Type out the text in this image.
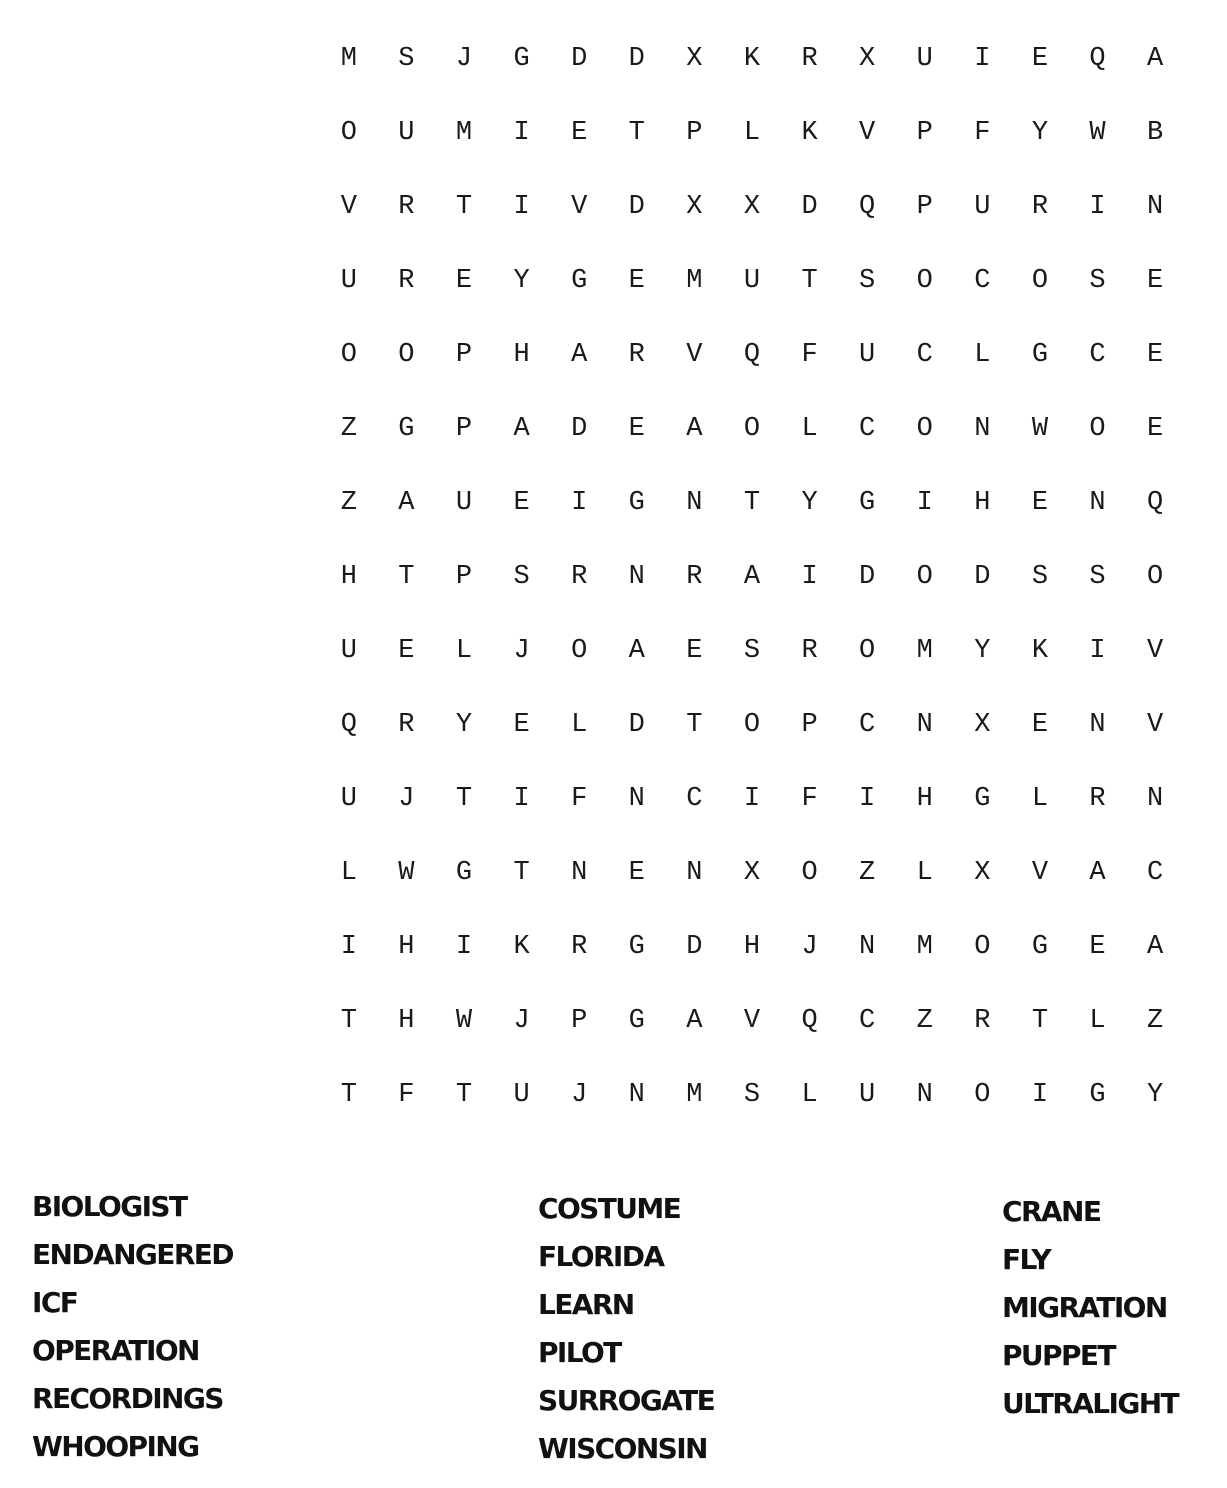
M	S	J	G	D	D	X	K	R	X	U	I	E	Q	A
O	U	M	I	E	T	P	L	K	V	P	F	Y	W	B
V	R	T	I	V	D	X	X	D	Q	P	U	R	I	N
U	R	E	Y	G	E	M	U	T	S	O	C	O	S	E
O	O	P	H	A	R	V	Q	F	U	C	L	G	C	E
Z	G	P	A	D	E	A	O	L	C	O	N	W	O	E
Z	A	U	E	I	G	N	T	Y	G	I	H	E	N	Q
H	T	P	S	R	N	R	A	I	D	O	D	S	S	O
U	E	L	J	O	A	E	S	R	O	M	Y	K	I	V
Q	R	Y	E	L	D	T	O	P	C	N	X	E	N	V
U	J	T	I	F	N	C	I	F	I	H	G	L	R	N
L	W	G	T	N	E	N	X	O	Z	L	X	V	A	C
I	H	I	K	R	G	D	H	J	N	M	O	G	E	A
T	H	W	J	P	G	A	V	Q	C	Z	R	T	L	Z
T	F	T	U	J	N	M	S	L	U	N	O	I	G	Y
BIOLOGIST
ENDANGERED
ICF
OPERATION
RECORDINGS
WHOOPING
COSTUME
FLORIDA
LEARN
PILOT
SURROGATE
WISCONSIN
CRANE
FLY
MIGRATION
PUPPET
ULTRALIGHT
